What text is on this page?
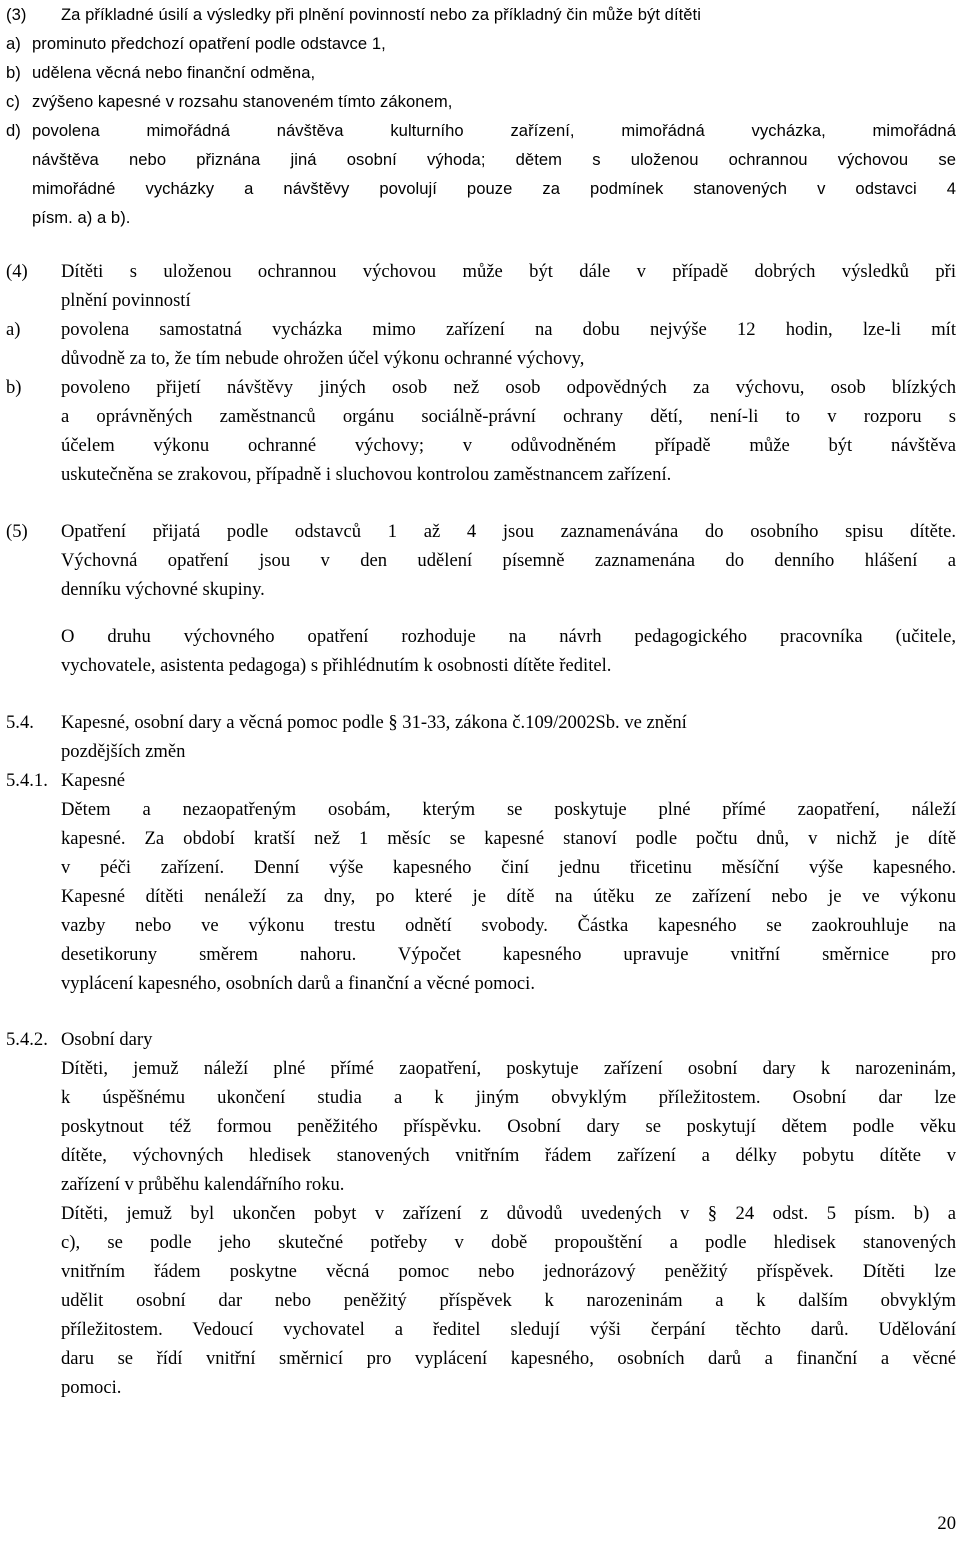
(3)	Za příkladné úsilí a výsledky při plnění povinností nebo za příkladný čin může být dítěti
a) prominuto předchozí opatření podle odstavce 1,
b) udělena věcná nebo finanční odměna,
c) zvýšeno kapesné v rozsahu stanoveném tímto zákonem,
d) povolena mimořádná návštěva kulturního zařízení, mimořádná vycházka, mimořádná
návštěva nebo přiznána jiná osobní výhoda; dětem s uloženou ochrannou výchovou se
mimořádné vycházky a návštěvy povolují pouze za podmínek stanovených v odstavci 4
písm. a) a b).
(4)	Dítěti s uloženou ochrannou výchovou může být dále v případě dobrých výsledků při
plnění povinností
a)	povolena samostatná vycházka mimo zařízení na dobu nejvýše 12 hodin, lze-li mít
důvodně za to, že tím nebude ohrožen účel výkonu ochranné výchovy,
b)	povoleno přijetí návštěvy jiných osob než osob odpovědných za výchovu, osob blízkých
a oprávněných zaměstnanců orgánu sociálně-právní ochrany dětí, není-li to v rozporu s
účelem výkonu ochranné výchovy; v odůvodněném případě může být návštěva
uskutečněna se zrakovou, případně i sluchovou kontrolou zaměstnancem zařízení.
(5)	Opatření přijatá podle odstavců 1 až 4 jsou zaznamenávána do osobního spisu dítěte.
Výchovná opatření jsou v den udělení písemně zaznamenána do denního hlášení a
denníku výchovné skupiny.
O druhu výchovného opatření rozhoduje na návrh pedagogického pracovníka (učitele,
vychovatele, asistenta pedagoga) s přihlédnutím k osobnosti dítěte ředitel.
5.4.	Kapesné, osobní dary a věcná pomoc podle § 31-33, zákona č.109/2002Sb. ve znění
pozdějších změn
5.4.1. Kapesné
Dětem a nezaopatřeným osobám, kterým se poskytuje plné přímé zaopatření, náleží
kapesné. Za období kratší než 1 měsíc se kapesné stanoví podle počtu dnů, v nichž je dítě
v péči zařízení. Denní výše kapesného činí jednu třicetinu měsíční výše kapesného.
Kapesné dítěti nenáleží za dny, po které je dítě na útěku ze zařízení nebo je ve výkonu
vazby nebo ve výkonu trestu odnětí svobody. Částka kapesného se zaokrouhluje na
desetikoruny směrem nahoru. Výpočet kapesného upravuje vnitřní směrnice pro
vyplácení kapesného, osobních darů a finanční a věcné pomoci.
5.4.2. Osobní dary
Dítěti, jemuž náleží plné přímé zaopatření, poskytuje zařízení osobní dary k narozeninám,
k úspěšnému ukončení studia a k jiným obvyklým příležitostem. Osobní dar lze
poskytnout též formou peněžitého příspěvku. Osobní dary se poskytují dětem podle věku
dítěte, výchovných hledisek stanovených vnitřním řádem zařízení a délky pobytu dítěte v
zařízení v průběhu kalendářního roku.
Dítěti, jemuž byl ukončen pobyt v zařízení z důvodů uvedených v § 24 odst. 5 písm. b) a
c), se podle jeho skutečné potřeby v době propouštění a podle hledisek stanovených
vnitřním řádem poskytne věcná pomoc nebo jednorázový peněžitý příspěvek. Dítěti lze
udělit osobní dar nebo peněžitý příspěvek k narozeninám a k dalším obvyklým
příležitostem. Vedoucí vychovatel a ředitel sledují výši čerpání těchto darů. Udělování
daru se řídí vnitřní směrnicí pro vyplácení kapesného, osobních darů a finanční a věcné
pomoci.
20
